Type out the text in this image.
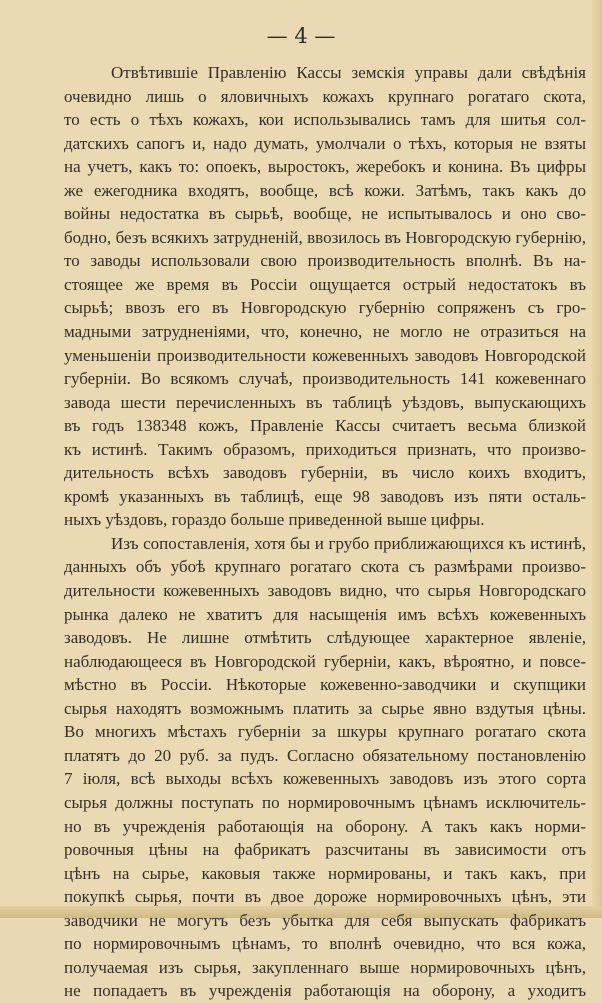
— 4 —
Отвѣтившіе Правленію Кассы земскія управы дали свѣдѣнія
очевидно лишь о яловичныхъ кожахъ крупнаго рогатаго скота,
то есть о тѣхъ кожахъ, кои использывались тамъ для шитья сол-
датскихъ сапогъ и, надо думать, умолчали о тѣхъ, которыя не взяты
на учетъ, какъ то: опоекъ, выростокъ, жеребокъ и конина. Въ цифры
же ежегодника входятъ, вообще, всѣ кожи. Затѣмъ, такъ какъ до
войны недостатка въ сырьѣ, вообще, не испытывалось и оно сво-
бодно, безъ всякихъ затрудненій, ввозилось въ Новгородскую губернію,
то заводы использовали свою производительность вполнѣ. Въ на-
стоящее же время въ Россіи ощущается острый недостатокъ въ
сырьѣ; ввозъ его въ Новгородскую губернію сопряженъ съ гро-
мадными затрудненіями, что, конечно, не могло не отразиться на
уменьшеніи производительности кожевенныхъ заводовъ Новгородской
губерніи. Во всякомъ случаѣ, производительность 141 кожевеннаго
завода шести перечисленныхъ въ таблицѣ уѣздовъ, выпускающихъ
въ годъ 138348 кожъ, Правленіе Кассы считаетъ весьма близкой
къ истинѣ. Такимъ образомъ, приходиться признать, что произво-
дительность всѣхъ заводовъ губерніи, въ число коихъ входитъ,
кромѣ указанныхъ въ таблицѣ, еще 98 заводовъ изъ пяти осталь-
ныхъ уѣздовъ, гораздо больше приведенной выше цифры.
Изъ сопоставленія, хотя бы и грубо приближающихся къ истинѣ,
данныхъ объ убоѣ крупнаго рогатаго скота съ размѣрами произво-
дительности кожевенныхъ заводовъ видно, что сырья Новгородскаго
рынка далеко не хватитъ для насыщенія имъ всѣхъ кожевенныхъ
заводовъ. Не лишне отмѣтить слѣдующее характерное явленіе,
наблюдающееся въ Новгородской губерніи, какъ, вѣроятно, и повсе-
мѣстно въ Россіи. Нѣкоторые кожевенно-заводчики и скупщики
сырья находятъ возможнымъ платить за сырье явно вздутыя цѣны.
Во многихъ мѣстахъ губерніи за шкуры крупнаго рогатаго скота
платятъ до 20 руб. за пудъ. Согласно обязательному постановленію
7 іюля, всѣ выходы всѣхъ кожевенныхъ заводовъ изъ этого сорта
сырья должны поступать по нормировочнымъ цѣнамъ исключитель-
но въ учрежденія работающія на оборону. А такъ какъ норми-
ровочныя цѣны на фабрикатъ разсчитаны въ зависимости отъ
цѣнъ на сырье, каковыя также нормированы, и такъ какъ, при
покупкѣ сырья, почти въ двое дороже нормировочныхъ цѣнъ, эти
заводчики не могутъ безъ убытка для себя выпускать фабрикатъ
по нормировочнымъ цѣнамъ, то вполнѣ очевидно, что вся кожа,
получаемая изъ сырья, закупленнаго выше нормировочныхъ цѣнъ,
не попадаетъ въ учрежденія работающія на оборону, а уходитъ
